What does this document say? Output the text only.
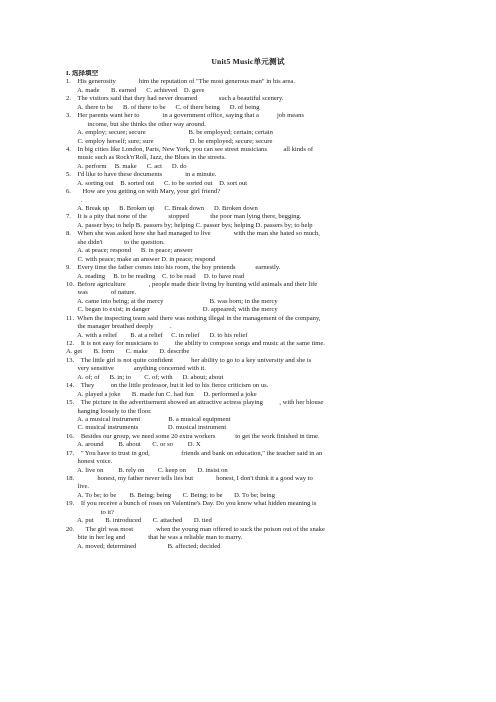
Unit5 Music单元测试
I. 选择填空
1.    His generosity              him the reputation of "The most generous man" in his area.
A. made       B. earned      C. achieved    D. gave
2.    The visitors said that they had never dreamed             such a beautiful scenery.
A. there to be      B. of there to be      C. of there being      D. of being
3.    Her parents want her to              in a government office, saying that a           job means
income, but she thinks the other way around.
A. employ; secure; secure                          B. be employed; certain; certain
C. employ herself; sure; sure                      D. be employed; secure; secure
4.    In big cities like London, Paris, New York, you can see street musicians          all kinds of
music such as Rock'n'Roll, Jazz, the Blues in the streets.
A. perform     B. make      C. act      D. do
5.    I'd like to have these documents              in a minute.
A. sorting out    B. sorted out      C. to be sorted out    D. sort out
6.       How are you getting on with Mary, your girl friend?
.
A. Break up      B. Broken up      C. Break down      D. Broken down
7.    It is a pity that none of the             stopped             the poor man lying there, begging.
A. passer bys; to help B. passers by; helping C. passer bys; helping D. passers by; to help
8.    When she was asked how she had managed to live              with the man she hated so much,
she didn't             to the question.
A. at peace; respond      B. in peace; answer
C. with peace; make an answer D. in peace; respond
9.    Every time the father comes into his room, the boy pretends            earnestly.
A. reading     B. to be reading    C. to be read     D. to have read
10.  Before agriculture              , people made their living by hunting wild animals and their life
was              of nature.
A. came into being; at the mercy                            B. was born; in the mercy
C. began to exist; in danger                                D. appeared; with the mercy
11.  When the inspecting team said there was nothing illegal in the management of the company,
the manager breathed deeply          .
A. with a relief        B. at a relief     C. in relief      D. to his relief
12.    It is not easy for musicians to          the ability to compose songs and music at the same time.
A. get       B. form       C. make       D. describe
13.    The little girl is not quite confident           her ability to go to a key university and she is
very sensitive            anything concerned with it.
A. of; of      B. in; to        C. of; with      D. about; about
14.    They          on the little professor, but it led to his fierce criticism on us.
A. played a joke       B. made fun C. had fun      D. performed a joke
15.    The picture in the advertisement showed an attractive actress playing          , with her blouse
hanging loosely to the floor.
A. a musical instrument                 B. a musical equipment
C. musical instruments                  D. musical instrument
16.    Besides our group, we need some 20 extra workers            to get the work finished in time.
A. around         B. about       C. or so         D. X
17.    " You have to trust in god,                   friends and bank on education," the teacher said in an
honest voice.
A. live on         B. rely on        C. keep on       D. insist on
18.              honest, my father never tells lies but              honest, I don't think it a good way to
live.
A. To be; to be        B. Being; being       C. Being; to be       D. To be; being
19.    If you receive a bunch of roses on Valentine's Day. Do you know what hidden meaning is
to it?
A. put       B. introduced       C. attached       D. tied
20.       The girl was most              when the young man offered to suck the poison out of the snake
bite in her leg and              that he was a reliable man to marry.
A. moved; determined                   B. affected; decided
